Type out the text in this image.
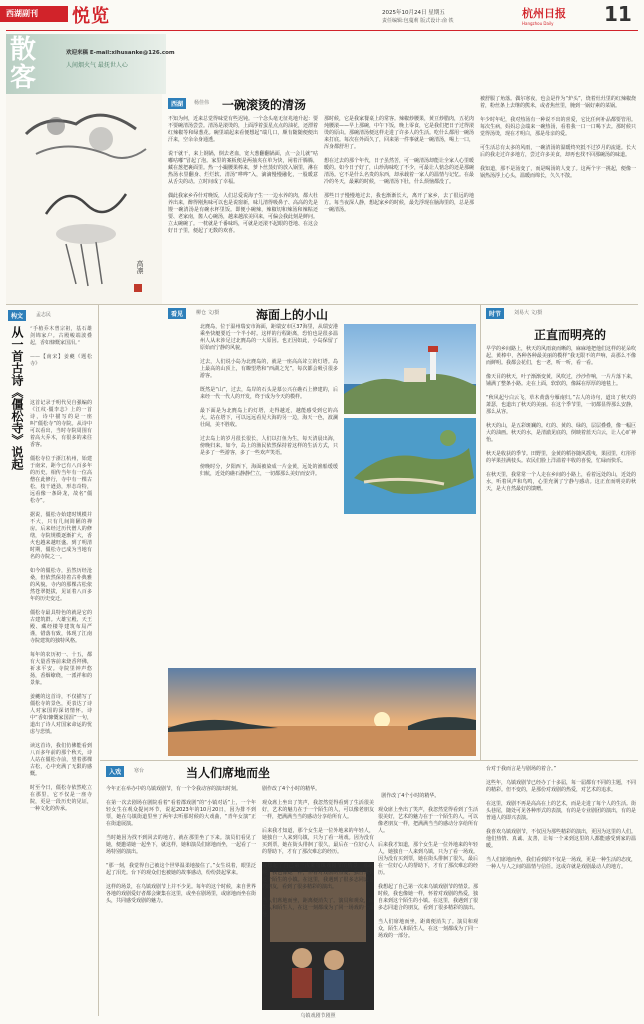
西湖副刊	悦览	2025年10月24日 星期五
责任编辑:包蔓莉 版式设计:俞 铁
杭州日报
Hangzhou Daily	11
散客
欢迎来稿 E-mail:xihusanke@126.com
人间烟火气 最抚世人心
高凛
西湖	杨佳伟 一碗滚烫的清汤
不知为何，近来总觉得味觉有些迟钝。一个念头毫无征兆地升起：要不要碗清汤尝尝。清汤是滚烫的，上面浮着蛋星点点的油花，还漂着红辣椒等和绿葱花。碗里端起来看便想起“端几口，颇有随随便便出汗来，空余余身通透。

说干就干，来上钢锅，倒去老血，宽大葱翻翻锅面，点一会儿就“咕嘟咕嘟”冒起了泡。家里的案板便是两抽夹在单为快，闲着汗腾腾，藏在葱把裹面里。热一小撮腰果棒来，萝卜丝蒸好的放入锅里，淋在热汤水里翻身、烂烂软、清汤“哗哗”入，滴滴慢慢融化，一股暖意从舌尖的动。立时间成了幸福。

偶此我家乡乔什对晚饭，人们总爱说海子生一一边水养的肉，都大杜养出来，醉得刚焦味可以也是说窗新，味儿清得吸鼻子、高高的先是馒一碗清汤是有碗水杯里饭。即便小碗辣，辣椒切和辣汤和辣粘还要、老家南，酱人心碗汤，越来越浓美回来，可偏会我此刻是鲜问。立太碗碗了。一枕就是千番味吗，可就是还滚不起眼的苍地、在这会好日子里，便起了无数的欢喜。
那时候，它是我家餐桌上的常客。辣椒炒腰果，黄豆炒腊肉，五花肉炖腰滚——早上那碗，中午下饭，晚上零食，它是我们把日子过得滚烫的原由。那碗清汤便这样走进了许多人的生活。吃什么都用一碗汤来打底。每次在外面久了，回来第一件事就是一碗清汤，喝上一口，浑身都舒坦了。

想在过去的那个年代，日子虽然苦，可一碗清汤却能让全家人心里暖暖的。如今日子好了，山珍海味吃了不少，可最让人惦念的还是那碗清汤。它不是什么名贵的东西，却承载着一家人的温情与记忆。在最冷的冬天，最累的时候，一碗清汤下肚，什么烦恼都没了。

那些日子慢慢地过去，我也渐渐长大，离开了家乡，去了很远的地方。每当夜深人静，想起家乡的时候，最先浮现在脑海里的，总是那一碗清汤。
被舒服了角落。偶尔寒夜，也会是作为“炉头”，烧着灶灶里的红辣椒烧着，粉丝条上去继的熊米，或者焦丝里，腌到一锅好素的菜锅。

年少时年纪，我对热汤有一种说不出的喜爱，它比任何补品都要管用。每次生病，妈妈总会端来一碗热汤，看着我一口一口喝下去。那时候只觉得汤烫，现在才明白，那是母亲的爱。

可生活总有太多的风雨，一碗清汤的温暖终究抵不过岁月的流逝。长大后的我走过许多地方，尝过许多美食，却再也找不回那碗汤的味道。

我知道，那不是汤变了，而是喝汤的人变了。这两个字一挑起，便像一锅热汤浮上心头，温暖而绵长，久久不散。
构文	孟志民
从一首古诗《僵松寺》说起 “手植乔木曾宗祖，基石雄剑锦家户。古殿峻端波叠起，香如慷慨家国泪。”

——【南宋】姜夔《题松寺》
这首记录于明代吴自强编的《江纹·僵李志》上的一首诗，诗中描写的是一座叫“僵松寺”的寺院。从诗中可以看出，当时寺院周围有着高大乔木，有很多的来往香客。

僵松寺位于浙江杭州，始建于南宋，距今已有八百多年的历史。相传当年有一位高僧在此修行，寺中有一棵古松，枝干遒劲，形态奇特，远看像一条卧龙，故名“僵松寺”。

据说，僵松寺始建时规模并不大，只有几间简陋的禅房。后来经过历代僧人的修缮，寺院规模逐渐扩大，香火也越来越旺盛。到了明清时期，僵松寺已成为当地有名的寺院之一。

如今的僵松寺，虽然历经沧桑，但依然保持着古朴典雅的风貌。寺内的那棵古松依然苍翠挺拔，见证着八百多年的历史变迁。

僵松寺最具特色的就是它的古建筑群。大雄宝殿、天王殿、藏经楼等建筑布局严谨，错落有致，体现了江南寺院建筑的独特风格。

每年的农历初一、十五，都有大量香客前来烧香拜佛，祈求平安。寺院里钟声悠扬，香烟缭绕，一派祥和的景象。

姜夔的这首诗，不仅描写了僵松寺的景色，更表达了诗人对家国的深切情怀。诗中“香如慷慨家国泪”一句，道出了诗人对国家命运的忧虑与悲愤。

读这首诗，我们仿佛能看到八百多年前的那个秋天，诗人站在僵松寺前，望着那棵古松，心中充满了无限的感慨。

时至今日，僵松寺依然屹立在那里，它不仅是一座寺院，更是一段历史的见证，一种文化的传承。
看见	柳仓 文/摄	海面上的小山
北麂岛，位于温州瑞安市海面，距瑞安市区37海里，从瑞安港乘坐快艇要近一个半小时。这样的行程距离，恐怕也是很多温州人从未涉足过北麂岛的一大原因。也正因如此，小岛保留了原始而宁静的风貌。

过去，人们说小岛为北麂岛的，就是一座高高耸立的灯塔。岛上最高的山顶上，有瞭望塔和“西湖之光”，每次都会吸引很多游客。

既然是“山”，过去，岛岸的石头是慕公兴在礁石上修建的，后来经一代一代人的开发，终于成为今天的模样。

最下面是为北麂岛上的灯塔，走得越近，越能感受到它的高大。站在塔下，可以远远看见大海的另一边，海天一色，波澜壮阔，美不胜收。

过去岛上的岁月很长很长，人们以打鱼为生，每天清晨出海，傍晚归来。如今，岛上的渔民依然保持着这样的生活方式，只是多了一些游客，多了一些欢声笑语。

傍晚时分，夕阳西下，海面被染成一片金黄，远处的渔船缓缓归航，近处的礁石静静伫立，一切都那么美好而安详。
时节	刘易大 文/摄
正直而明亮的
早学的乡间路上，秋天的风雨衰而晰的，麻麻地把他们这样的花朵吹起，黄棒中，各种各种最美丽的模样“我无限不的声响，高那么不像而鲜明。我都会花们，也一老，听一听，看一看。

像天目的秋天，叶子渐渐变黄，风吹过，沙沙作响，一片片落下来，铺满了整条小路。走在上面，软软的，像踩在厚厚的地毯上。

“秋风起兮白云飞，草木黄落兮雁南归。”古人的诗句，道出了秋天的萧瑟，也道出了秋天的美丽。在这个季节里，一切都显得那么安静，那么从容。

秋天的山，是五彩斑斓的。红的、黄的、绿的，层层叠叠，像一幅巨大的油画。秋天的水，是清澈见底的，倒映着蓝天白云，让人心旷神怡。

秋天是收获的季节。田野里，金黄的稻谷随风摇曳，果园里，红彤彤的苹果挂满枝头。农民们脸上洋溢着丰收的喜悦，忙碌而快乐。

在秋天里，我常常一个人走在乡间的小路上，看着远处的山，近处的水，听着风声和鸟鸣，心里充满了宁静与感动。这正直而明亮的秋天，是大自然最好的馈赠。
入戏	寒台	当人们席地而坐
今年正在举办中的乌镇戏剧节，有一个令我动容的演出时刻。

在第一次去剧场在剧院看着“看着郡戏剧”的“小镇对话”上，一个年轻女生在观众提问环节，说起2023年的10月20日，因为排不到票，她在乌镇街道里坐了两年去听那时候的大戏曲，“青年女演”正在街道展演。

当时她因为找不到回去的地方，就在那里坐了下来。演员们看见了她，便邀请她一起坐下，就这样，她和演员们席地而坐，一起看了一场特别的演出。

“那一刻，我觉得自己被这个世界温柔地接住了。”女生说着，眼里泛起了泪光。台下的观众们也被她的故事感动，纷纷鼓起掌来。

这样的场景，在乌镇戏剧节上并不少见。每年的这个时候，来自世界各地的戏剧爱好者都会聚集在这里，或坐在剧场里，或席地而坐在街头，共同感受戏剧的魅力。
乌镇戏剧节剧照
剧作改了4个小时的精华。

观众席上坐出了笑声，我忽然觉得看到了生活很美好，艺术的魅力在于一个陌生的人，可以像老朋友一样，把满满当当的感动分享给所有人。

后来我才知道，那个女生是一位外地来的年轻人，她独自一人来到乌镇，只为了看一场戏。因为没有买到票，她在街头徘徊了很久，最后在一位好心人的帮助下，才有了那次难忘的经历。

我想起了自己第一次来乌镇戏剧节的情景。那时候，我也像她一样，怀着对戏剧的热爱，独自来到这个陌生的小镇。在这里，我遇到了很多志同道合的朋友，看到了很多精彩的演出。

当人们席地而坐，距离便消失了。演员和观众，陌生人和陌生人，在这一刻都成为了同一场戏的一部分。

剧作改了4个小时的精华。

观众席上坐出了笑声，我忽然觉得看到了生活很美好，艺术的魅力在于一个陌生的人，可以像老朋友一样，把满满当当的感动分享给所有人。

后来我才知道，那个女生是一位外地来的年轻人，她独自一人来到乌镇，只为了看一场戏。因为没有买到票，她在街头徘徊了很久，最后在一位好心人的帮助下，才有了那次难忘的经历。

我想起了自己第一次来乌镇戏剧节的情景。那时候，我也像她一样，怀着对戏剧的热爱，独自来到这个陌生的小镇。在这里，我遇到了很多志同道合的朋友，看到了很多精彩的演出。

当人们席地而坐，距离便消失了。演员和观众，陌生人和陌生人，在这一刻都成为了同一场戏的一部分。

台对于我而言是与剧场的着合。”

这些年，乌镇戏剧节已经办了十多届，每一届都有不同的主题，不同的精彩。但不变的，是那份对戏剧的热爱，对艺术的追求。

在这里，戏剧不再是高高在上的艺术，而是走进了每个人的生活。街头巷尾，随处可见各种形式的表演，有的是专业剧团的演出，有的是普通人的即兴表演。

我喜欢乌镇戏剧节，不仅因为那些精彩的演出，更因为这里的人们。他们热情、真诚、友善，让每一个来到这里的人都能感受到家的温暖。

当人们席地而坐，我们看到的不仅是一场戏，更是一种生活的态度，一种人与人之间的温情与信任。这或许就是戏剧最动人的地方。
